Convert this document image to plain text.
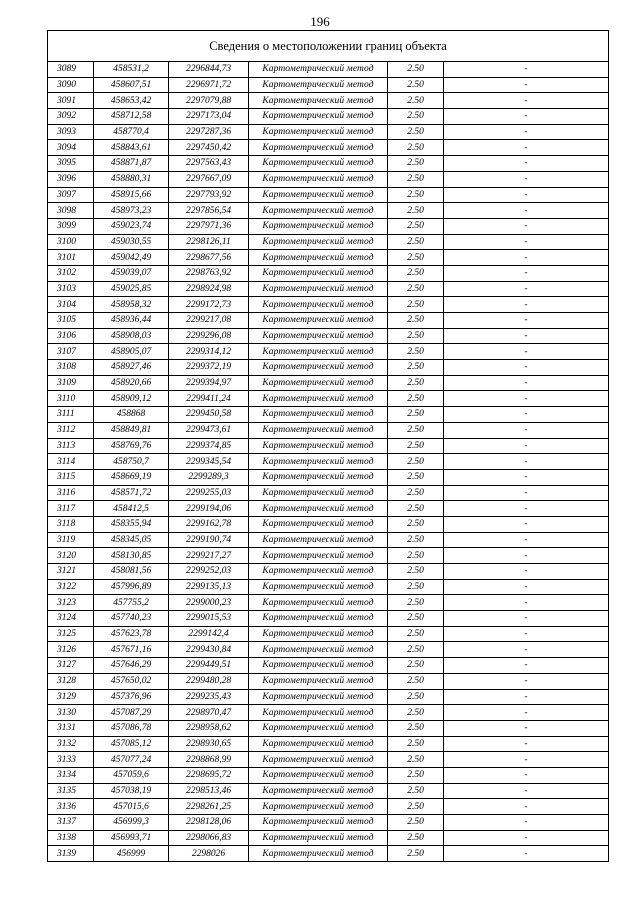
196
Сведения о местоположении границ объекта					
3089	458531,2	2296844,73	Картометрический метод	2.50	-
3090	458607,51	2296971,72	Картометрический метод	2.50	-
3091	458653,42	2297079,88	Картометрический метод	2.50	-
3092	458712,58	2297173,04	Картометрический метод	2.50	-
3093	458770,4	2297287,36	Картометрический метод	2.50	-
3094	458843,61	2297450,42	Картометрический метод	2.50	-
3095	458871,87	2297563,43	Картометрический метод	2.50	-
3096	458880,31	2297667,09	Картометрический метод	2.50	-
3097	458915,66	2297793,92	Картометрический метод	2.50	-
3098	458973,23	2297856,54	Картометрический метод	2.50	-
3099	459023,74	2297971,36	Картометрический метод	2.50	-
3100	459030,55	2298126,11	Картометрический метод	2.50	-
3101	459042,49	2298677,56	Картометрический метод	2.50	-
3102	459039,07	2298763,92	Картометрический метод	2.50	-
3103	459025,85	2298924,98	Картометрический метод	2.50	-
3104	458958,32	2299172,73	Картометрический метод	2.50	-
3105	458936,44	2299217,08	Картометрический метод	2.50	-
3106	458908,03	2299296,08	Картометрический метод	2.50	-
3107	458905,07	2299314,12	Картометрический метод	2.50	-
3108	458927,46	2299372,19	Картометрический метод	2.50	-
3109	458920,66	2299394,97	Картометрический метод	2.50	-
3110	458909,12	2299411,24	Картометрический метод	2.50	-
3111	458868	2299450,58	Картометрический метод	2.50	-
3112	458849,81	2299473,61	Картометрический метод	2.50	-
3113	458769,76	2299374,85	Картометрический метод	2.50	-
3114	458750,7	2299345,54	Картометрический метод	2.50	-
3115	458669,19	2299289,3	Картометрический метод	2.50	-
3116	458571,72	2299255,03	Картометрический метод	2.50	-
3117	458412,5	2299194,06	Картометрический метод	2.50	-
3118	458355,94	2299162,78	Картометрический метод	2.50	-
3119	458345,05	2299190,74	Картометрический метод	2.50	-
3120	458130,85	2299217,27	Картометрический метод	2.50	-
3121	458081,56	2299252,03	Картометрический метод	2.50	-
3122	457996,89	2299135,13	Картометрический метод	2.50	-
3123	457755,2	2299000,23	Картометрический метод	2.50	-
3124	457740,23	2299015,53	Картометрический метод	2.50	-
3125	457623,78	2299142,4	Картометрический метод	2.50	-
3126	457671,16	2299430,84	Картометрический метод	2.50	-
3127	457646,29	2299449,51	Картометрический метод	2.50	-
3128	457650,02	2299480,28	Картометрический метод	2.50	-
3129	457376,96	2299235,43	Картометрический метод	2.50	-
3130	457087,29	2298970,47	Картометрический метод	2.50	-
3131	457086,78	2298958,62	Картометрический метод	2.50	-
3132	457085,12	2298930,65	Картометрический метод	2.50	-
3133	457077,24	2298868,99	Картометрический метод	2.50	-
3134	457059,6	2298695,72	Картометрический метод	2.50	-
3135	457038,19	2298513,46	Картометрический метод	2.50	-
3136	457015,6	2298261,25	Картометрический метод	2.50	-
3137	456999,3	2298128,06	Картометрический метод	2.50	-
3138	456993,71	2298066,83	Картометрический метод	2.50	-
3139	456999	2298026	Картометрический метод	2.50	-
